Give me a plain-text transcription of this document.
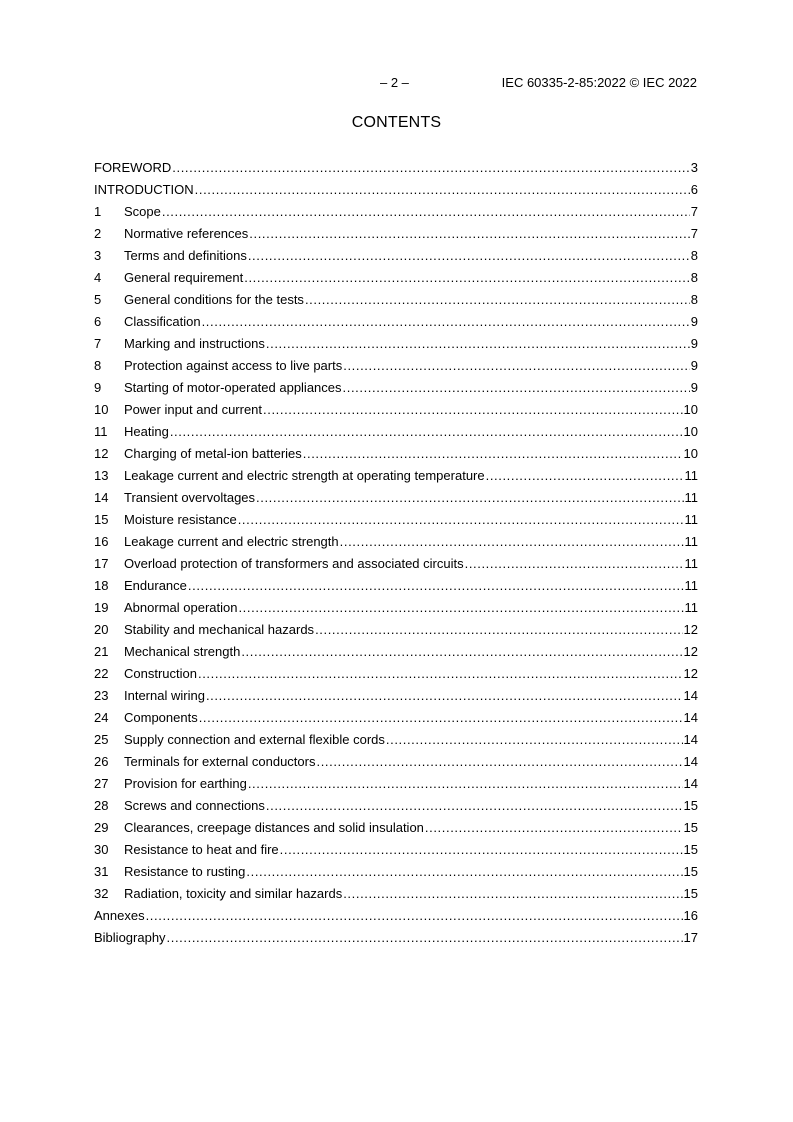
– 2 –	IEC 60335-2-85:2022 © IEC 2022
CONTENTS
FOREWORD .....	3
INTRODUCTION .....	6
1	Scope .....	7
2	Normative references .....	7
3	Terms and definitions .....	8
4	General requirement .....	8
5	General conditions for the tests .....	8
6	Classification .....	9
7	Marking and instructions .....	9
8	Protection against access to live parts .....	9
9	Starting of motor-operated appliances .....	9
10	Power input and current .....	10
11	Heating .....	10
12	Charging of metal-ion batteries .....	10
13	Leakage current and electric strength at operating temperature .....	11
14	Transient overvoltages .....	11
15	Moisture resistance .....	11
16	Leakage current and electric strength .....	11
17	Overload protection of transformers and associated circuits .....	11
18	Endurance .....	11
19	Abnormal operation .....	11
20	Stability and mechanical hazards .....	12
21	Mechanical strength .....	12
22	Construction .....	12
23	Internal wiring .....	14
24	Components .....	14
25	Supply connection and external flexible cords .....	14
26	Terminals for external conductors .....	14
27	Provision for earthing .....	14
28	Screws and connections .....	15
29	Clearances, creepage distances and solid insulation .....	15
30	Resistance to heat and fire .....	15
31	Resistance to rusting .....	15
32	Radiation, toxicity and similar hazards .....	15
Annexes .....	16
Bibliography .....	17
